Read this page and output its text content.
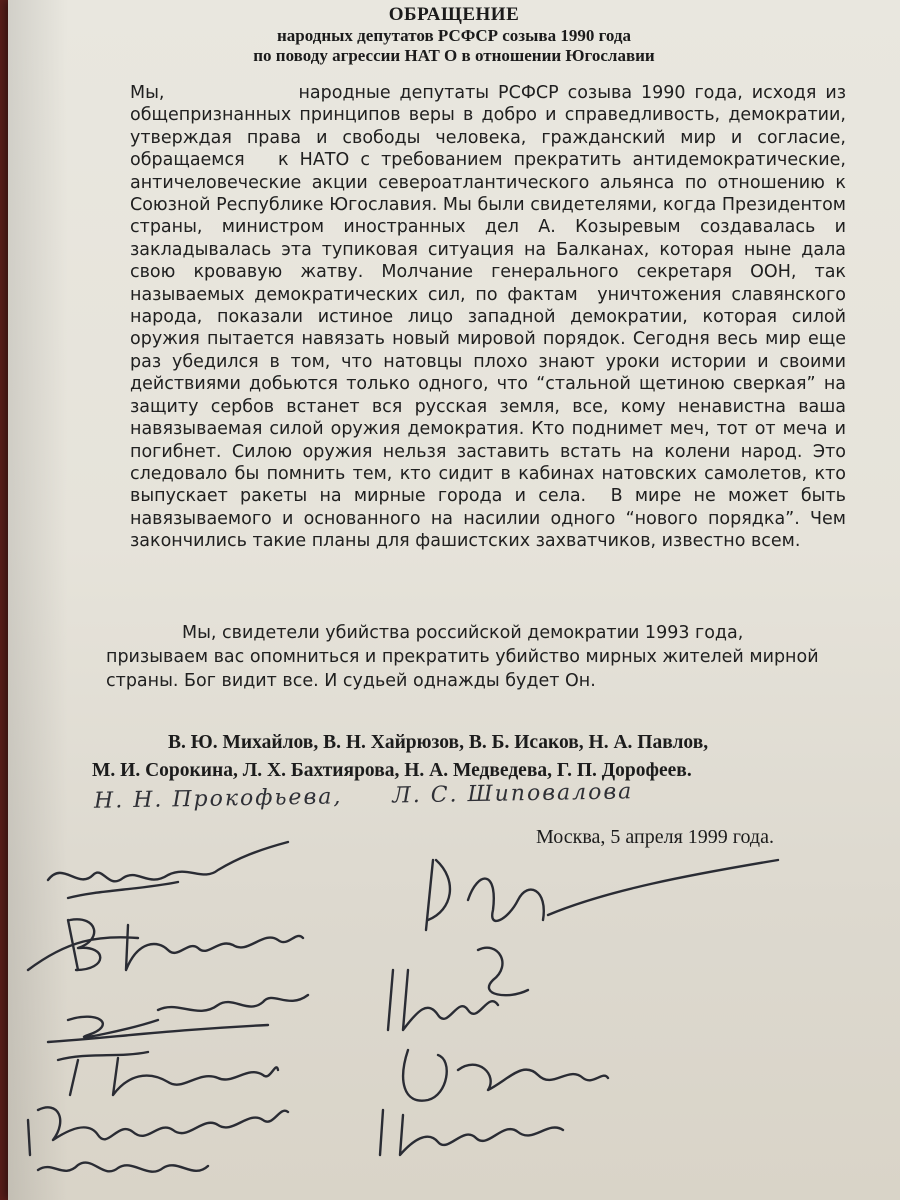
ОБРАЩЕНИЕ
народных депутатов РСФСР созыва 1990 года
по поводу агрессии НАТ О в отношении Югославии

Мы,               народные депутаты РСФСР созыва 1990 года, исходя из общепризнанных принципов веры в добро и справедливость, демократии, утверждая права и свободы человека, гражданский мир и согласие, обращаемся   к НАТО с требованием прекратить антидемократические, античеловеческие акции североатлантического альянса по отношению к Союзной Республике Югославия. Мы были свидетелями, когда Президентом страны, министром иностранных дел А. Козыревым создавалась и закладывалась эта тупиковая ситуация на Балканах, которая ныне дала свою кровавую жатву. Молчание генерального секретаря ООН, так называемых демократических сил, по фактам  уничтожения славянского народа, показали истиное лицо западной демократии, которая силой оружия пытается навязать новый мировой порядок. Сегодня весь мир еще раз убедился в том, что натовцы плохо знают уроки истории и своими действиями добьются только одного, что “стальной щетиною сверкая” на защиту сербов встанет вся русская земля, все, кому ненавистна ваша навязываемая силой оружия демократия. Кто поднимет меч, тот от меча и погибнет. Силою оружия нельзя заставить встать на колени народ. Это следовало бы помнить тем, кто сидит в кабинах натовских самолетов, кто выпускает ракеты на мирные города и села.  В мире не может быть навязываемого и основанного на насилии одного “нового порядка”. Чем закончились такие планы для фашистских захватчиков, известно всем.

Мы, свидетели убийства российской демократии 1993 года, призываем вас опомниться и прекратить убийство мирных жителей мирной страны. Бог видит все. И судьей однажды будет Он.

В. Ю. Михайлов, В. Н. Хайрюзов, В. Б. Исаков, Н. А. Павлов,
М. И. Сорокина, Л. Х. Бахтиярова, Н. А. Медведева, Г. П. Дорофеев.
Н. Н. Прокофьева, Л. С. Шиповалова
Москва, 5 апреля 1999 года.
